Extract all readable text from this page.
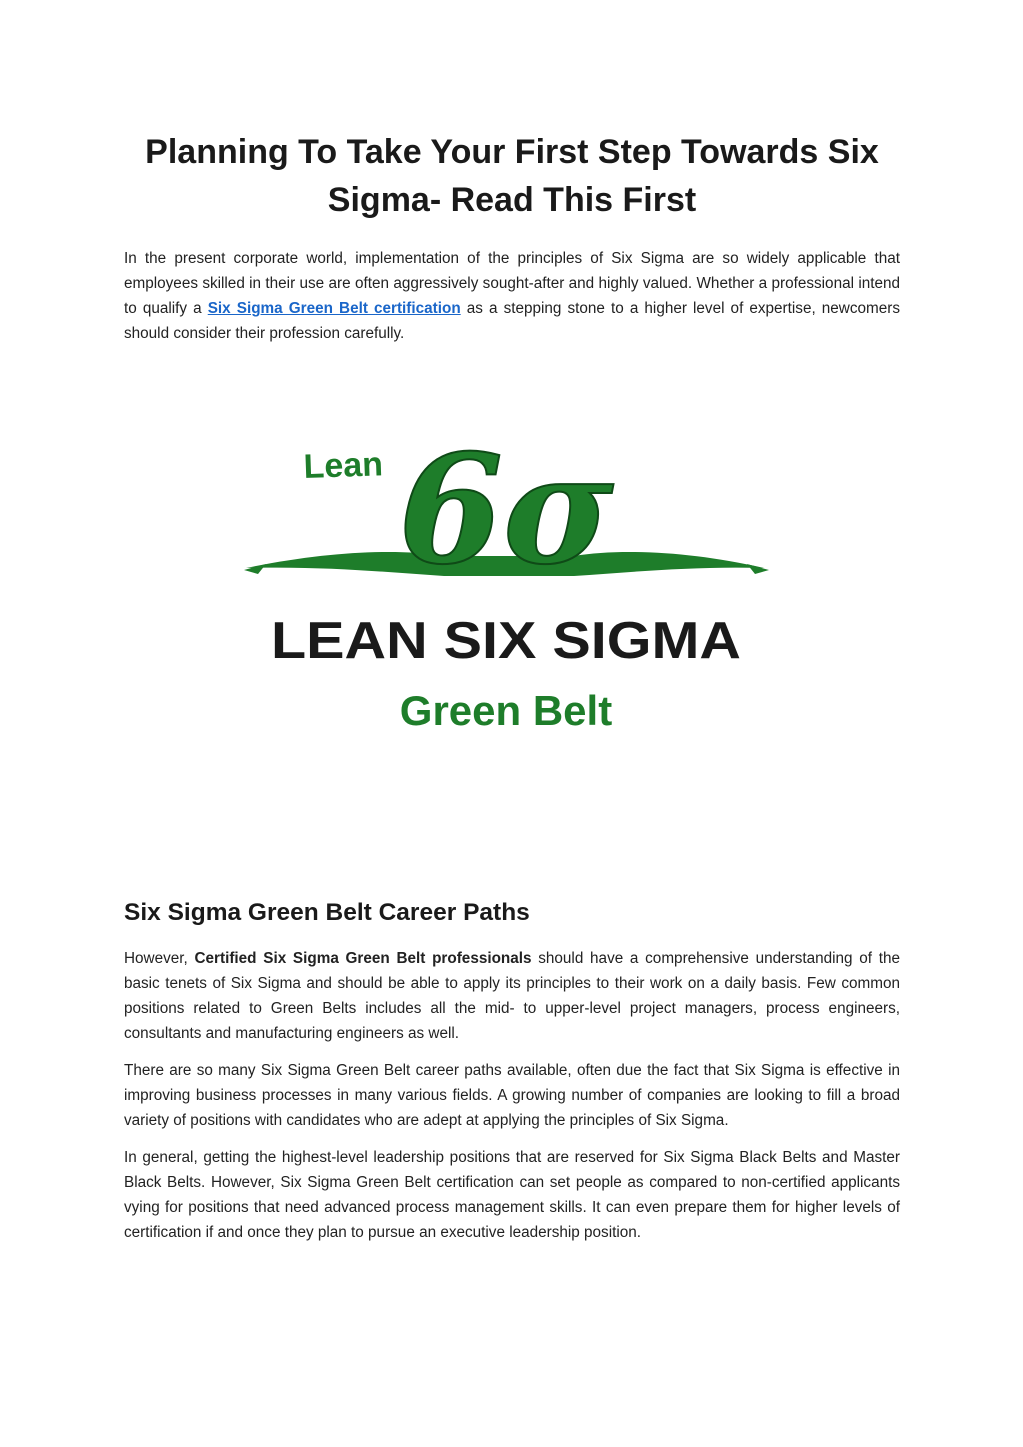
Planning To Take Your First Step Towards Six Sigma- Read This First

In the present corporate world, implementation of the principles of Six Sigma are so widely applicable that employees skilled in their use are often aggressively sought-after and highly valued. Whether a professional intend to qualify a Six Sigma Green Belt certification as a stepping stone to a higher level of expertise, newcomers should consider their profession carefully.

Lean 6σ
LEAN SIX SIGMA
Green Belt
Six Sigma Green Belt Career Paths

However, Certified Six Sigma Green Belt professionals should have a comprehensive understanding of the basic tenets of Six Sigma and should be able to apply its principles to their work on a daily basis. Few common positions related to Green Belts includes all the mid- to upper-level project managers, process engineers, consultants and manufacturing engineers as well.

There are so many Six Sigma Green Belt career paths available, often due the fact that Six Sigma is effective in improving business processes in many various fields. A growing number of companies are looking to fill a broad variety of positions with candidates who are adept at applying the principles of Six Sigma.

In general, getting the highest-level leadership positions that are reserved for Six Sigma Black Belts and Master Black Belts. However, Six Sigma Green Belt certification can set people as compared to non-certified applicants vying for positions that need advanced process management skills. It can even prepare them for higher levels of certification if and once they plan to pursue an executive leadership position.
